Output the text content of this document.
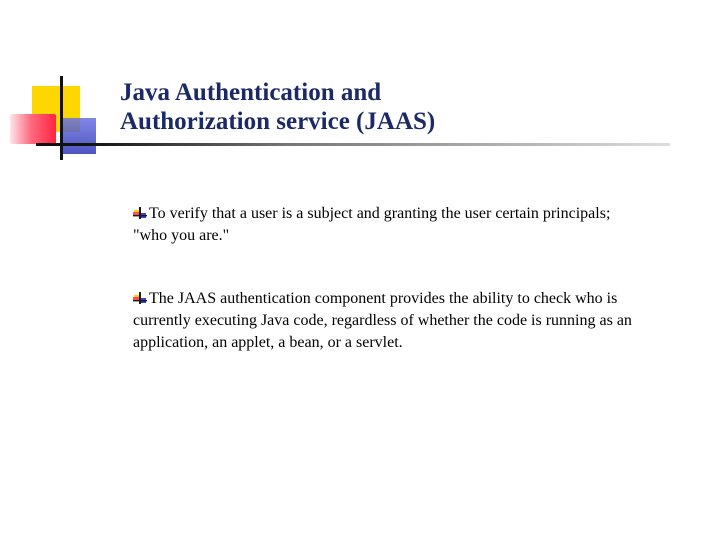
Java Authentication and
Authorization service (JAAS)
To verify that a user is a subject and granting the user certain principals; "who you are."
The JAAS authentication component provides the ability to check who is currently executing Java code, regardless of whether the code is running as an application, an applet, a bean, or a servlet.
